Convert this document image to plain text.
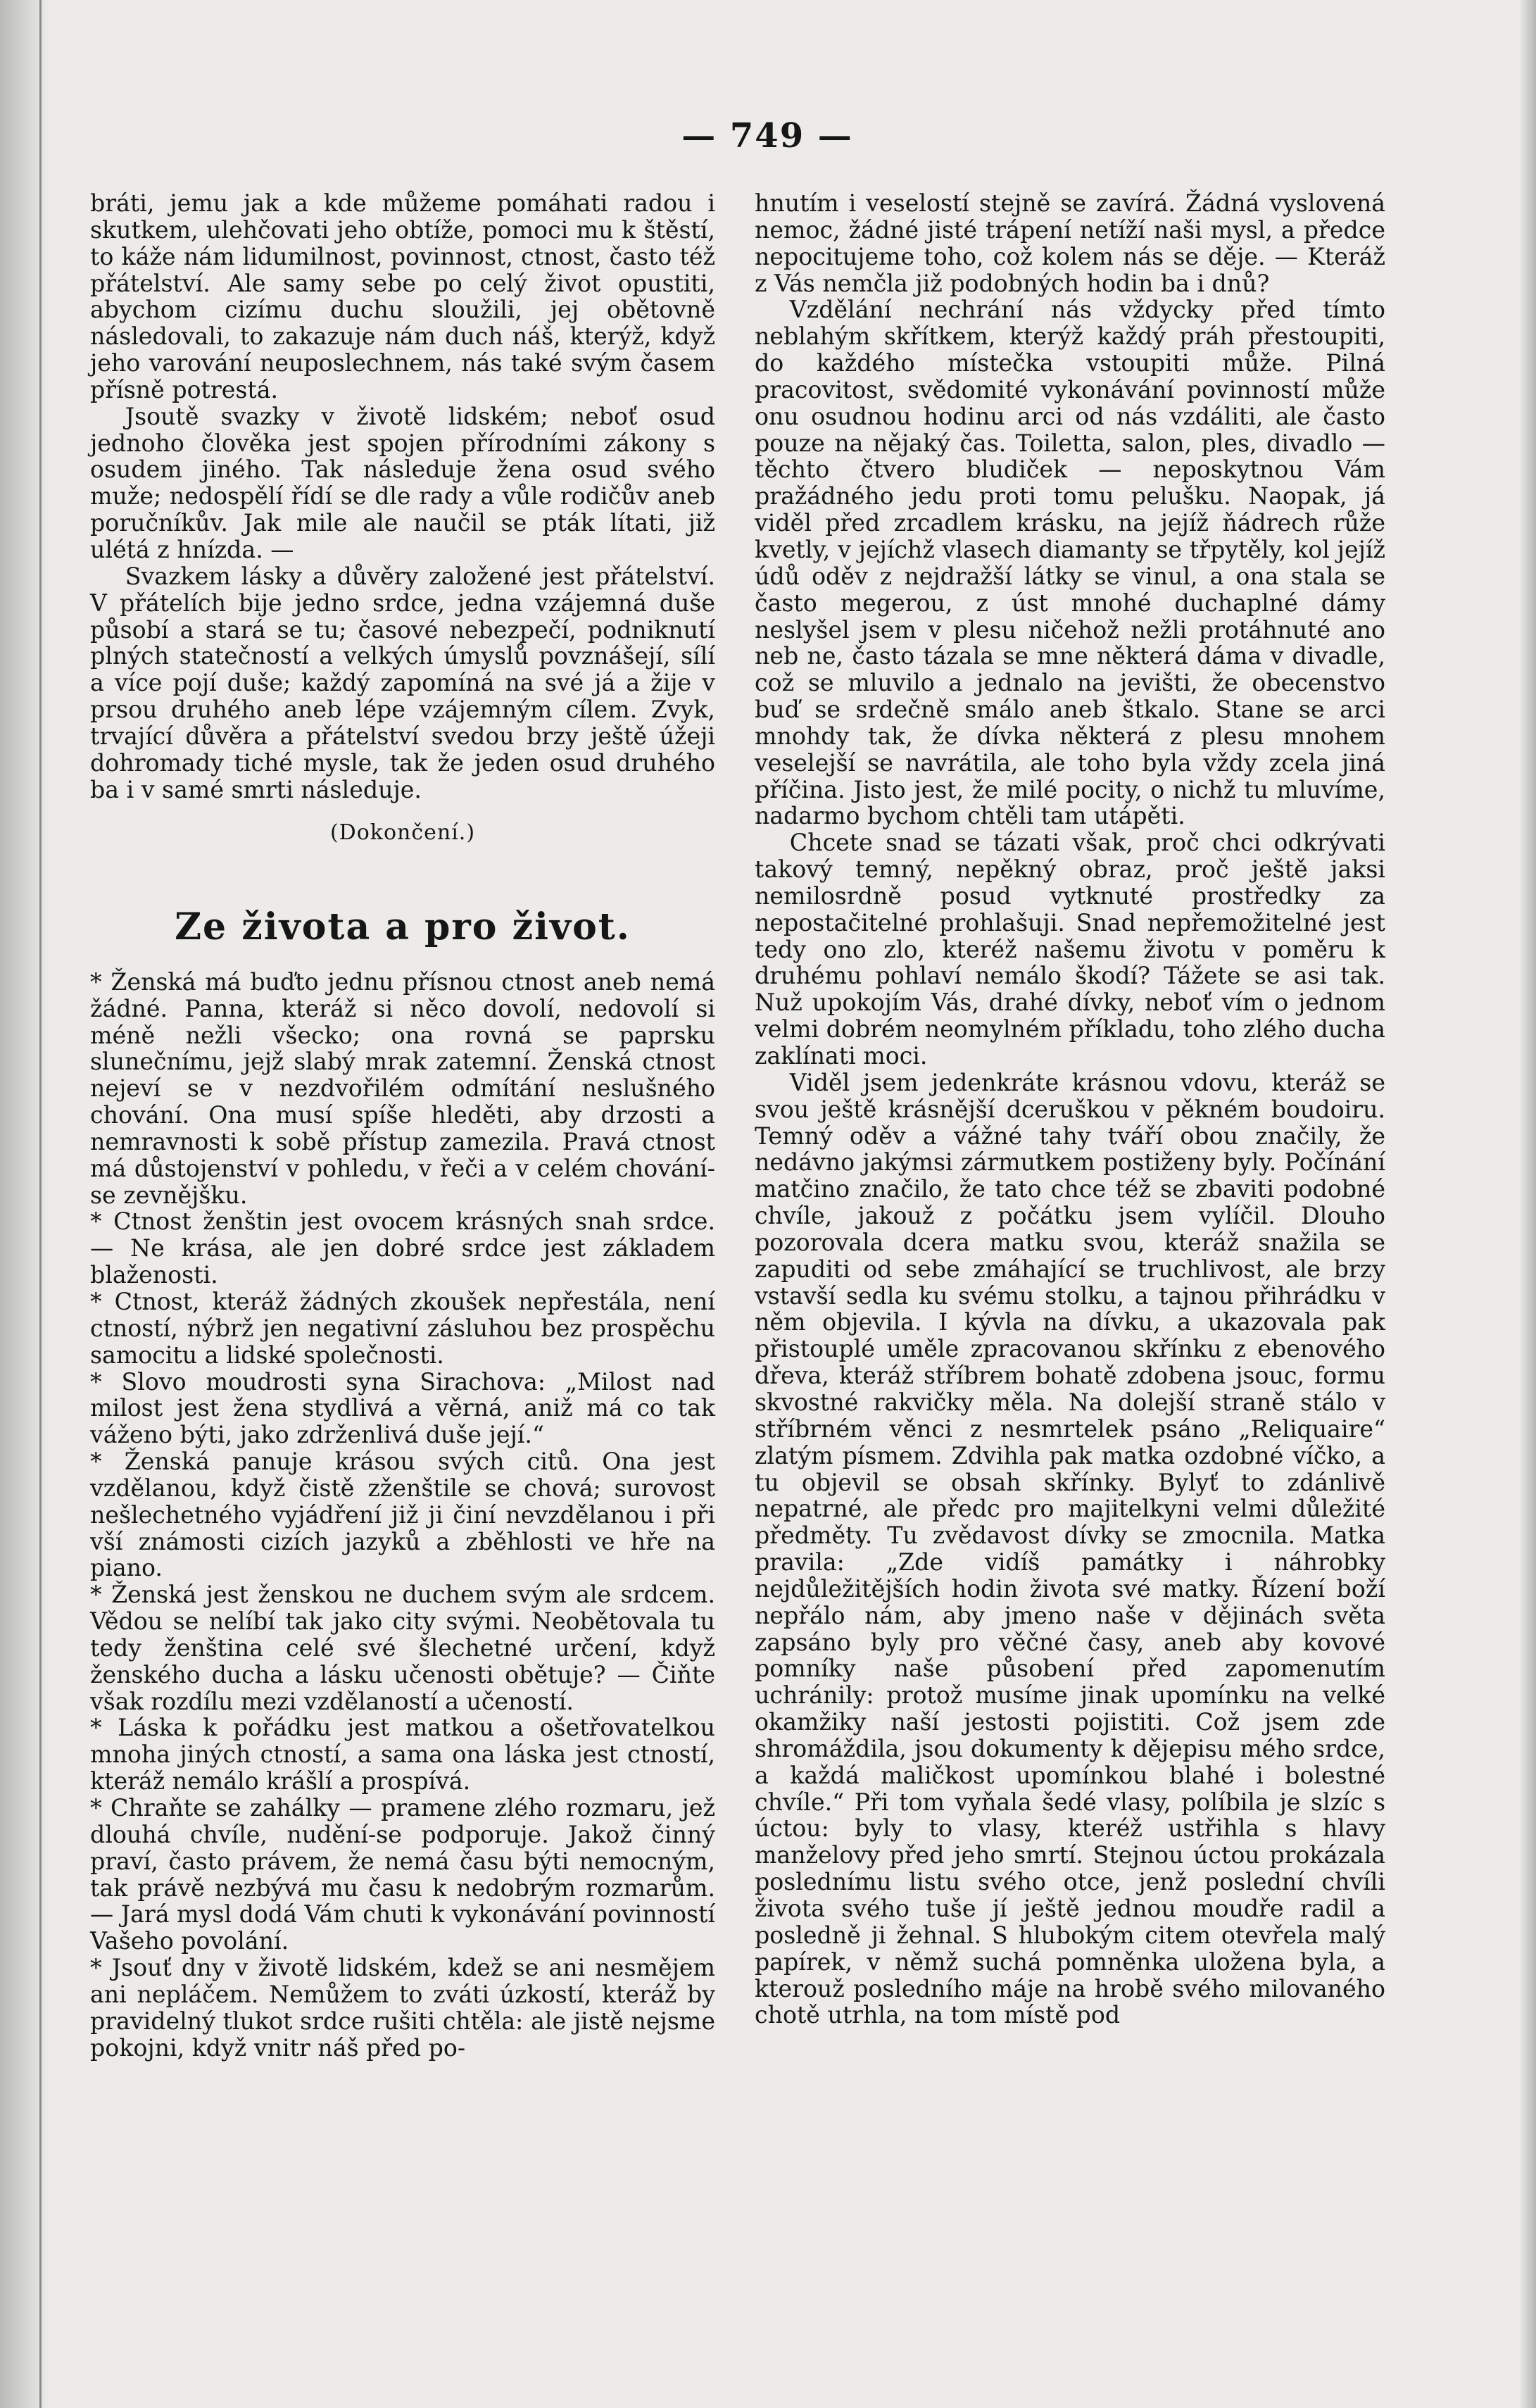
— 749 —

bráti, jemu jak a kde můžeme pomáhati radou i skutkem, ulehčovati jeho obtíže, pomoci mu k štěstí, to káže nám lidumilnost, povinnost, ctnost, často též přátelství. Ale samy sebe po celý život opustiti, abychom cizímu duchu sloužili, jej obětovně následovali, to zakazuje nám duch náš, kterýž, když jeho varování neuposlechnem, nás také svým časem přísně potrestá.

Jsoutě svazky v životě lidském; neboť osud jednoho člověka jest spojen přírodními zákony s osudem jiného. Tak následuje žena osud svého muže; nedospělí řídí se dle rady a vůle rodičův aneb poručníkův. Jak mile ale naučil se pták lítati, již ulétá z hnízda. —

Svazkem lásky a důvěry založené jest přátelství. V přátelích bije jedno srdce, jedna vzájemná duše působí a stará se tu; časové nebezpečí, podniknutí plných statečností a velkých úmyslů povznášejí, sílí a více pojí duše; každý zapomíná na své já a žije v prsou druhého aneb lépe vzájemným cílem. Zvyk, trvající důvěra a přátelství svedou brzy ještě úžeji dohromady tiché mysle, tak že jeden osud druhého ba i v samé smrti následuje.

(Dokončení.)
Ze života a pro život.

* Ženská má buďto jednu přísnou ctnost aneb nemá žádné. Panna, kteráž si něco dovolí, nedovolí si méně nežli všecko; ona rovná se paprsku slunečnímu, jejž slabý mrak zatemní. Ženská ctnost nejeví se v nezdvořilém odmítání neslušného chování. Ona musí spíše hleděti, aby drzosti a nemravnosti k sobě přístup zamezila. Pravá ctnost má důstojenství v pohledu, v řeči a v celém chování-se zevnějšku.

* Ctnost ženštin jest ovocem krásných snah srdce. — Ne krása, ale jen dobré srdce jest základem blaženosti.

* Ctnost, kteráž žádných zkoušek nepřestála, není ctností, nýbrž jen negativní zásluhou bez prospěchu samocitu a lidské společnosti.

* Slovo moudrosti syna Sirachova: „Milost nad milost jest žena stydlivá a věrná, aniž má co tak váženo býti, jako zdrženlivá duše její.“

* Ženská panuje krásou svých citů. Ona jest vzdělanou, když čistě zženštile se chová; surovost nešlechetného vyjádření již ji činí nevzdělanou i při vší známosti cizích jazyků a zběhlosti ve hře na piano.

* Ženská jest ženskou ne duchem svým ale srdcem. Vědou se nelíbí tak jako city svými. Neobětovala tu tedy ženština celé své šlechetné určení, když ženského ducha a lásku učenosti obětuje? — Čiňte však rozdílu mezi vzdělaností a učeností.

* Láska k pořádku jest matkou a ošetřovatelkou mnoha jiných ctností, a sama ona láska jest ctností, kteráž nemálo krášlí a prospívá.

* Chraňte se zahálky — pramene zlého rozmaru, jež dlouhá chvíle, nudění-se podporuje. Jakož činný praví, často právem, že nemá času býti nemocným, tak právě nezbývá mu času k nedobrým rozmarům. — Jará mysl dodá Vám chuti k vykonávání povinností Vašeho povolání.

* Jsouť dny v životě lidském, kdež se ani nesmějem ani nepláčem. Nemůžem to zváti úzkostí, kteráž by pravidelný tlukot srdce rušiti chtěla: ale jistě nejsme pokojni, když vnitr náš před po-

hnutím i veselostí stejně se zavírá. Žádná vyslovená nemoc, žádné jisté trápení netíží naši mysl, a předce nepocitujeme toho, což kolem nás se děje. — Kteráž z Vás nemčla již podobných hodin ba i dnů?

Vzdělání nechrání nás vždycky před tímto neblahým skřítkem, kterýž každý práh přestoupiti, do každého místečka vstoupiti může. Pilná pracovitost, svědomité vykonávání povinností může onu osudnou hodinu arci od nás vzdáliti, ale často pouze na nějaký čas. Toiletta, salon, ples, divadlo — těchto čtvero bludiček — neposkytnou Vám pražádného jedu proti tomu pelušku. Naopak, já viděl před zrcadlem krásku, na jejíž ňádrech růže kvetly, v jejíchž vlasech diamanty se třpytěly, kol jejíž údů oděv z nejdražší látky se vinul, a ona stala se často megerou, z úst mnohé duchaplné dámy neslyšel jsem v plesu ničehož nežli protáhnuté ano neb ne, často tázala se mne některá dáma v divadle, což se mluvilo a jednalo na jevišti, že obecenstvo buď se srdečně smálo aneb štkalo. Stane se arci mnohdy tak, že dívka některá z plesu mnohem veselejší se navrátila, ale toho byla vždy zcela jiná příčina. Jisto jest, že milé pocity, o nichž tu mluvíme, nadarmo bychom chtěli tam utápěti.

Chcete snad se tázati však, proč chci odkrývati takový temný, nepěkný obraz, proč ještě jaksi nemilosrdně posud vytknuté prostředky za nepostačitelné prohlašuji. Snad nepřemožitelné jest tedy ono zlo, kteréž našemu životu v poměru k druhému pohlaví nemálo škodí? Tážete se asi tak. Nuž upokojím Vás, drahé dívky, neboť vím o jednom velmi dobrém neomylném příkladu, toho zlého ducha zaklínati moci.

Viděl jsem jedenkráte krásnou vdovu, kteráž se svou ještě krásnější dceruškou v pěkném boudoiru. Temný oděv a vážné tahy tváří obou značily, že nedávno jakýmsi zármutkem postiženy byly. Počínání matčino značilo, že tato chce též se zbaviti podobné chvíle, jakouž z počátku jsem vylíčil. Dlouho pozorovala dcera matku svou, kteráž snažila se zapuditi od sebe zmáhající se truchlivost, ale brzy vstavší sedla ku svému stolku, a tajnou přihrádku v něm objevila. I kývla na dívku, a ukazovala pak přistouplé uměle zpracovanou skřínku z ebenového dřeva, kteráž stříbrem bohatě zdobena jsouc, formu skvostné rakvičky měla. Na dolejší straně stálo v stříbrném věnci z nesmrtelek psáno „Reliquaire“ zlatým písmem. Zdvihla pak matka ozdobné víčko, a tu objevil se obsah skřínky. Bylyť to zdánlivě nepatrné, ale předc pro majitelkyni velmi důležité předměty. Tu zvědavost dívky se zmocnila. Matka pravila: „Zde vidíš památky i náhrobky nejdůležitějších hodin života své matky. Řízení boží nepřálo nám, aby jmeno naše v dějinách světa zapsáno byly pro věčné časy, aneb aby kovové pomníky naše působení před zapomenutím uchránily: protož musíme jinak upomínku na velké okamžiky naší jestosti pojistiti. Což jsem zde shromáždila, jsou dokumenty k dějepisu mého srdce, a každá maličkost upomínkou blahé i bolestné chvíle.“ Při tom vyňala šedé vlasy, políbila je slzíc s úctou: byly to vlasy, kteréž ustřihla s hlavy manželovy před jeho smrtí. Stejnou úctou prokázala poslednímu listu svého otce, jenž poslední chvíli života svého tuše jí ještě jednou moudře radil a posledně ji žehnal. S hlubokým citem otevřela malý papírek, v němž suchá pomněnka uložena byla, a kterouž posledního máje na hrobě svého milovaného chotě utrhla, na tom místě pod
